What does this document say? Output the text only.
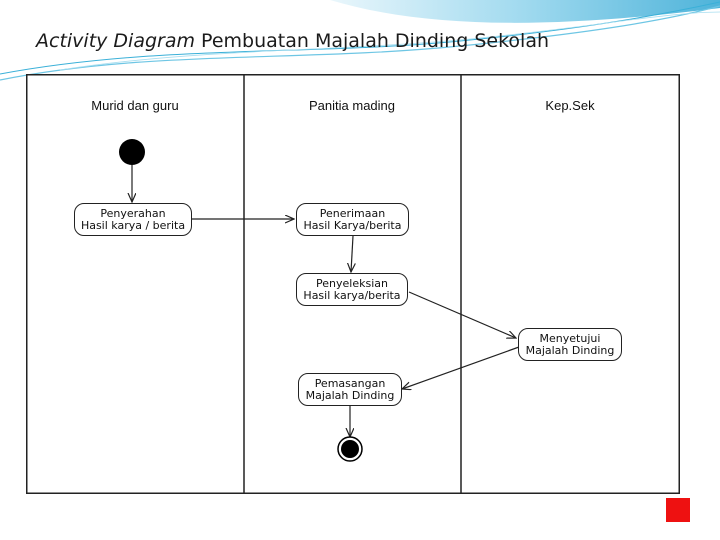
Activity Diagram Pembuatan Majalah Dinding Sekolah
Murid dan guru	Panitia mading	Kep.Sek
Penyerahan
Hasil karya / berita
Penerimaan
Hasil Karya/berita
Penyeleksian
Hasil karya/berita
Menyetujui
Majalah Dinding
Pemasangan
Majalah Dinding
